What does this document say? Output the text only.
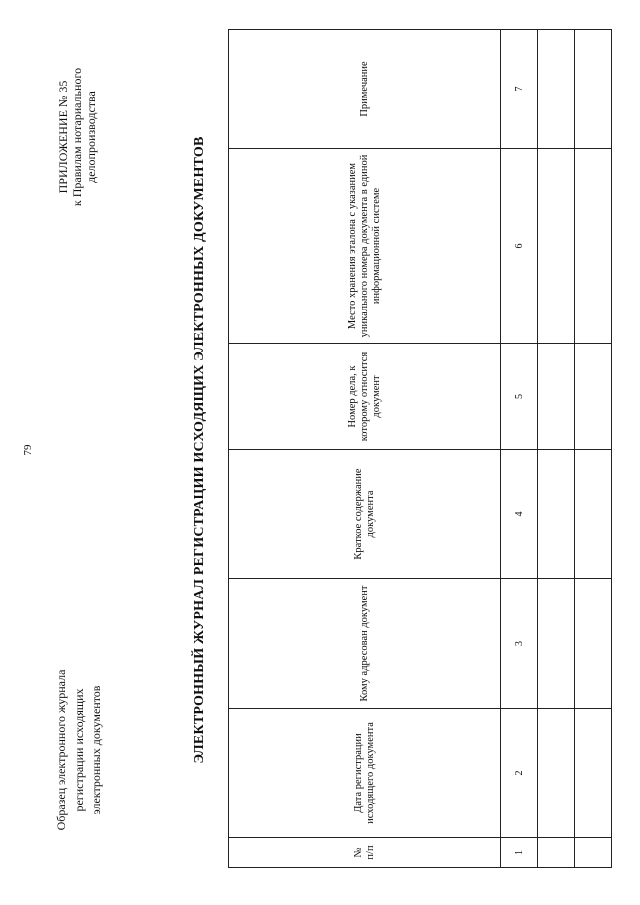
79
ПРИЛОЖЕНИЕ № 35 к Правилам нотариального делопроизводства
Образец электронного журнала регистрации исходящих электронных документов	ЭЛЕКТРОННЫЙ ЖУРНАЛ РЕГИСТРАЦИИ ИСХОДЯЩИХ ЭЛЕКТРОННЫХ ДОКУМЕНТОВ
№ п/п	Дата регистрации исходящего документа	Кому адресован документ	Краткое содержание документа	Номер дела, к которому относится документ	Место хранения эталона с указанием уникального номера документа в единой информационной системе	Примечание
1	2	3	4	5	6	7
